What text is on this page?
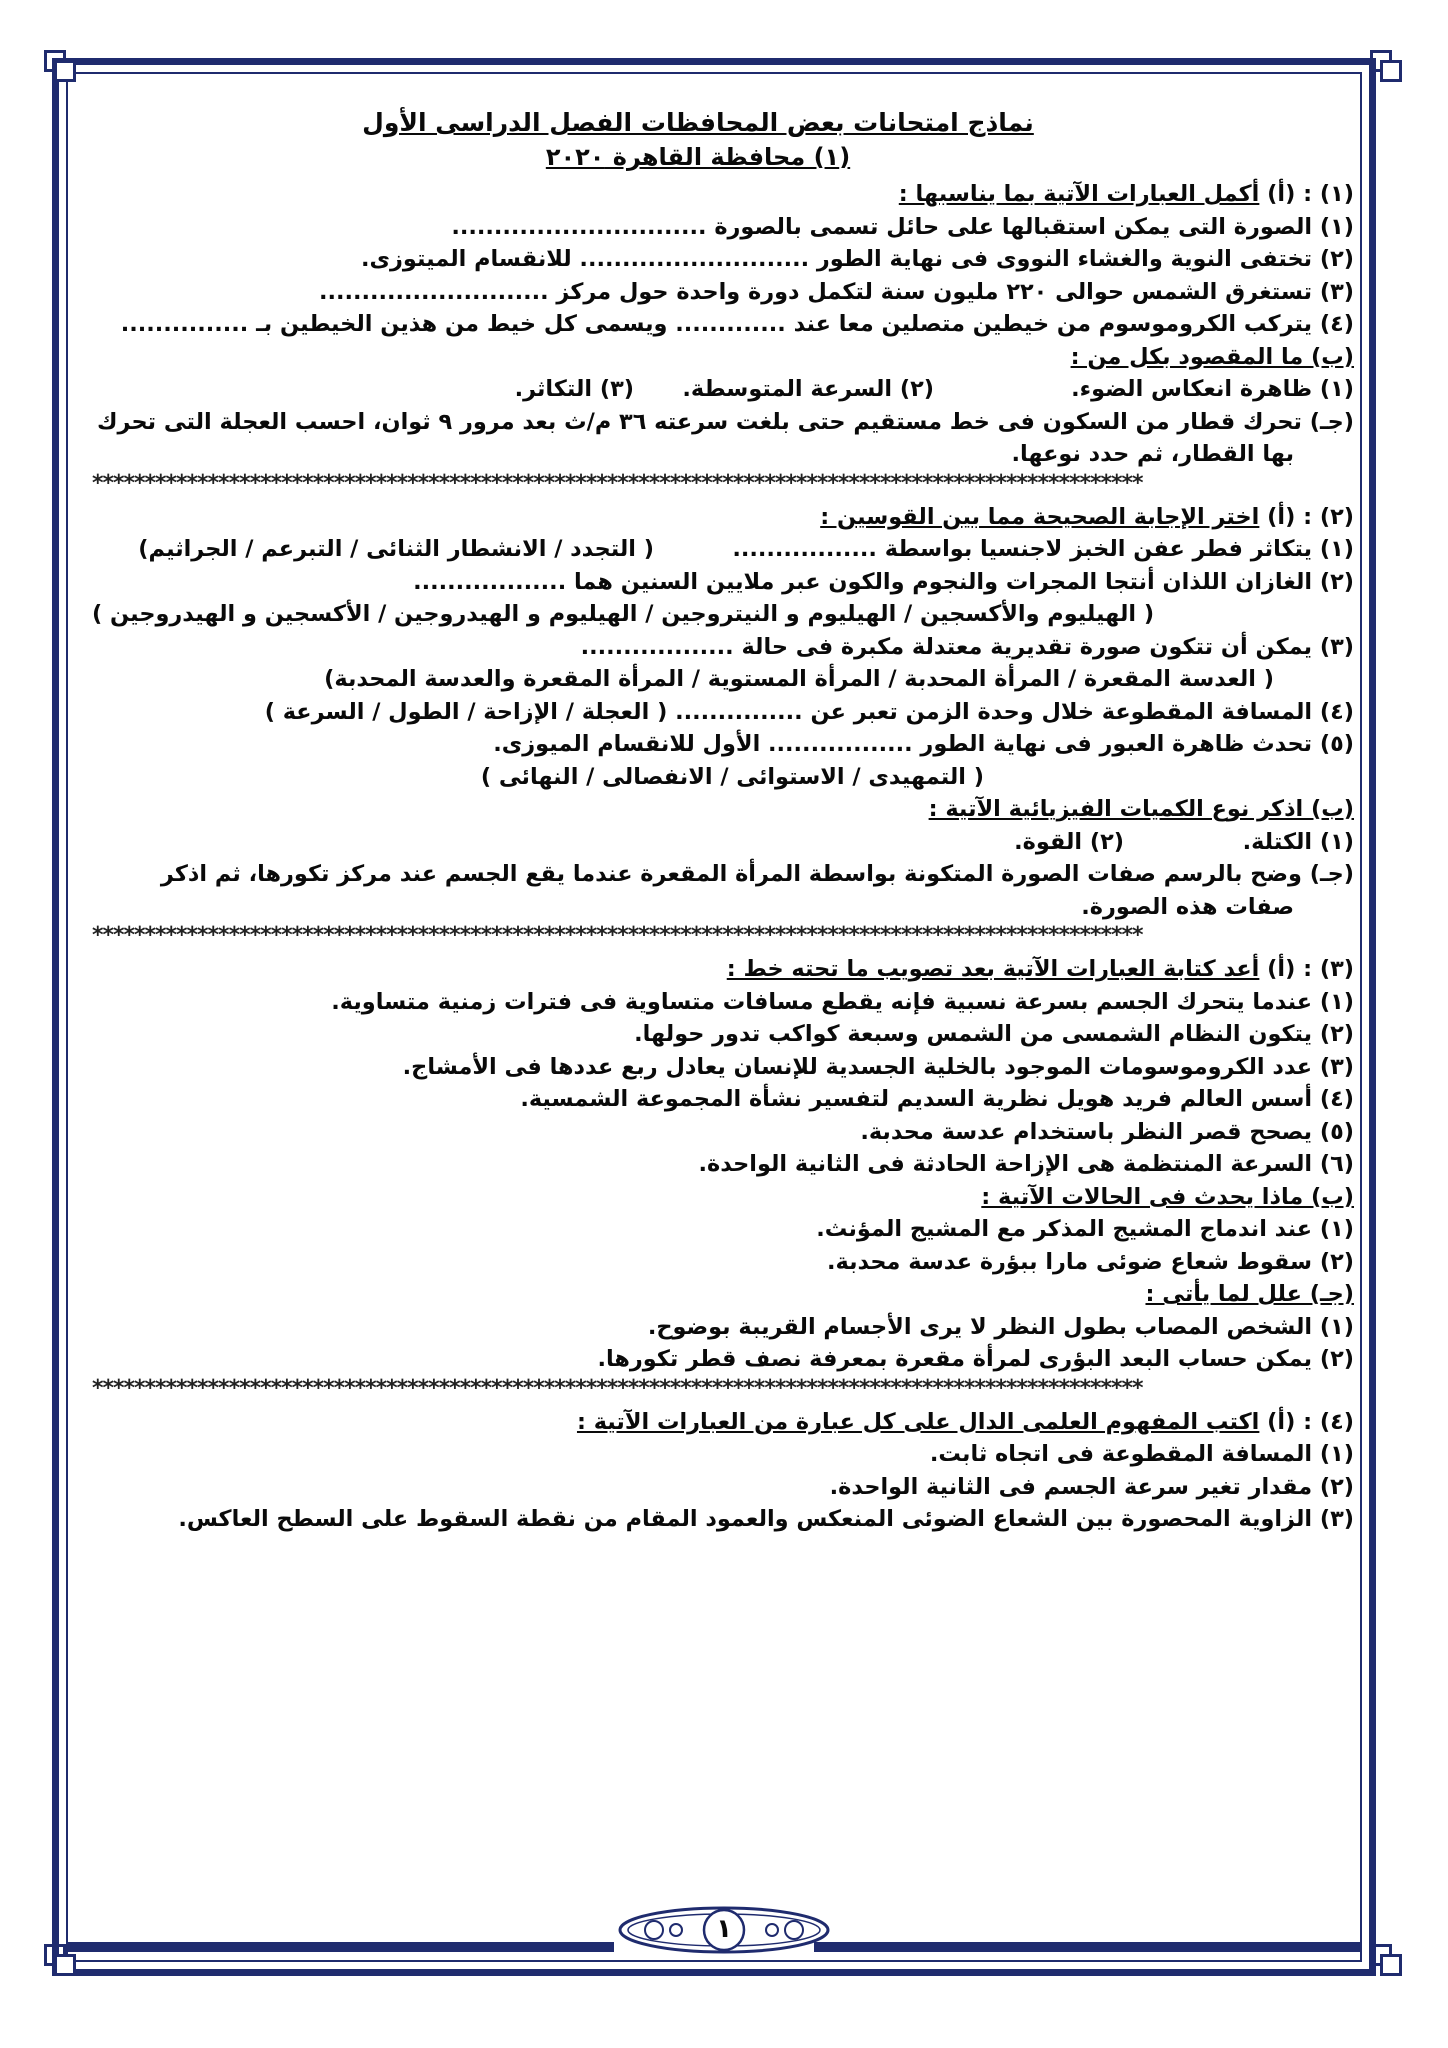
نماذج امتحانات بعض المحافظات الفصل الدراسى الأول
(١) محافظة القاهرة ٢٠٢٠
(١) : (أ) أكمل العبارات الآتية بما يناسبها :
(١) الصورة التى يمكن استقبالها على حائل تسمى بالصورة ..............................
(٢) تختفى النوية والغشاء النووى فى نهاية الطور ........................... للانقسام الميتوزى.
(٣) تستغرق الشمس حوالى ٢٢٠ مليون سنة لتكمل دورة واحدة حول مركز ...........................
(٤) يتركب الكروموسوم من خيطين متصلين معا عند ............. ويسمى كل خيط من هذين الخيطين بـ ...............
(ب) ما المقصود بكل من :
(١) ظاهرة انعكاس الضوء.
(٢) السرعة المتوسطة.
(٣) التكاثر.
(جـ) تحرك قطار من السكون فى خط مستقيم حتى بلغت سرعته ٣٦ م/ث بعد مرور ٩ ثوان، احسب العجلة التى تحرك
بها القطار، ثم حدد نوعها.
****************************************************************************************************
(٢) : (أ) اختر الإجابة الصحيحة مما بين القوسين :
(١) يتكاثر فطر عفن الخبز لاجنسيا بواسطة .................
( التجدد / الانشطار الثنائى / التبرعم / الجراثيم)
(٢) الغازان اللذان أنتجا المجرات والنجوم والكون عبر ملايين السنين هما ..................
( الهيليوم والأكسجين / الهيليوم و النيتروجين / الهيليوم و الهيدروجين / الأكسجين و الهيدروجين )
(٣) يمكن أن تتكون صورة تقديرية معتدلة مكبرة فى حالة ..................
( العدسة المقعرة / المرأة المحدبة / المرأة المستوية / المرأة المقعرة والعدسة المحدبة)
(٤) المسافة المقطوعة خلال وحدة الزمن تعبر عن ............... ( العجلة / الإزاحة / الطول / السرعة )
(٥) تحدث ظاهرة العبور فى نهاية الطور ................. الأول للانقسام الميوزى.
( التمهيدى / الاستوائى / الانفصالى / النهائى )
(ب) اذكر نوع الكميات الفيزيائية الآتية :
(١) الكتلة.
(٢) القوة.
(جـ) وضح بالرسم صفات الصورة المتكونة بواسطة المرأة المقعرة عندما يقع الجسم عند مركز تكورها، ثم اذكر
صفات هذه الصورة.
****************************************************************************************************
(٣) : (أ) أعد كتابة العبارات الآتية بعد تصويب ما تحته خط :
(١) عندما يتحرك الجسم بسرعة نسبية فإنه يقطع مسافات متساوية فى فترات زمنية متساوية.
(٢) يتكون النظام الشمسى من الشمس وسبعة كواكب تدور حولها.
(٣) عدد الكروموسومات الموجود بالخلية الجسدية للإنسان يعادل ربع عددها فى الأمشاج.
(٤) أسس العالم فريد هويل نظرية السديم لتفسير نشأة المجموعة الشمسية.
(٥) يصحح قصر النظر باستخدام عدسة محدبة.
(٦) السرعة المنتظمة هى الإزاحة الحادثة فى الثانية الواحدة.
(ب) ماذا يحدث فى الحالات الآتية :
(١) عند اندماج المشيج المذكر مع المشيج المؤنث.
(٢) سقوط شعاع ضوئى مارا ببؤرة عدسة محدبة.
(جـ) علل لما يأتى :
(١) الشخص المصاب بطول النظر لا يرى الأجسام القريبة بوضوح.
(٢) يمكن حساب البعد البؤرى لمرأة مقعرة بمعرفة نصف قطر تكورها.
****************************************************************************************************
(٤) : (أ) اكتب المفهوم العلمى الدال على كل عبارة من العبارات الآتية :
(١) المسافة المقطوعة فى اتجاه ثابت.
(٢) مقدار تغير سرعة الجسم فى الثانية الواحدة.
(٣) الزاوية المحصورة بين الشعاع الضوئى المنعكس والعمود المقام من نقطة السقوط على السطح العاكس.
١
